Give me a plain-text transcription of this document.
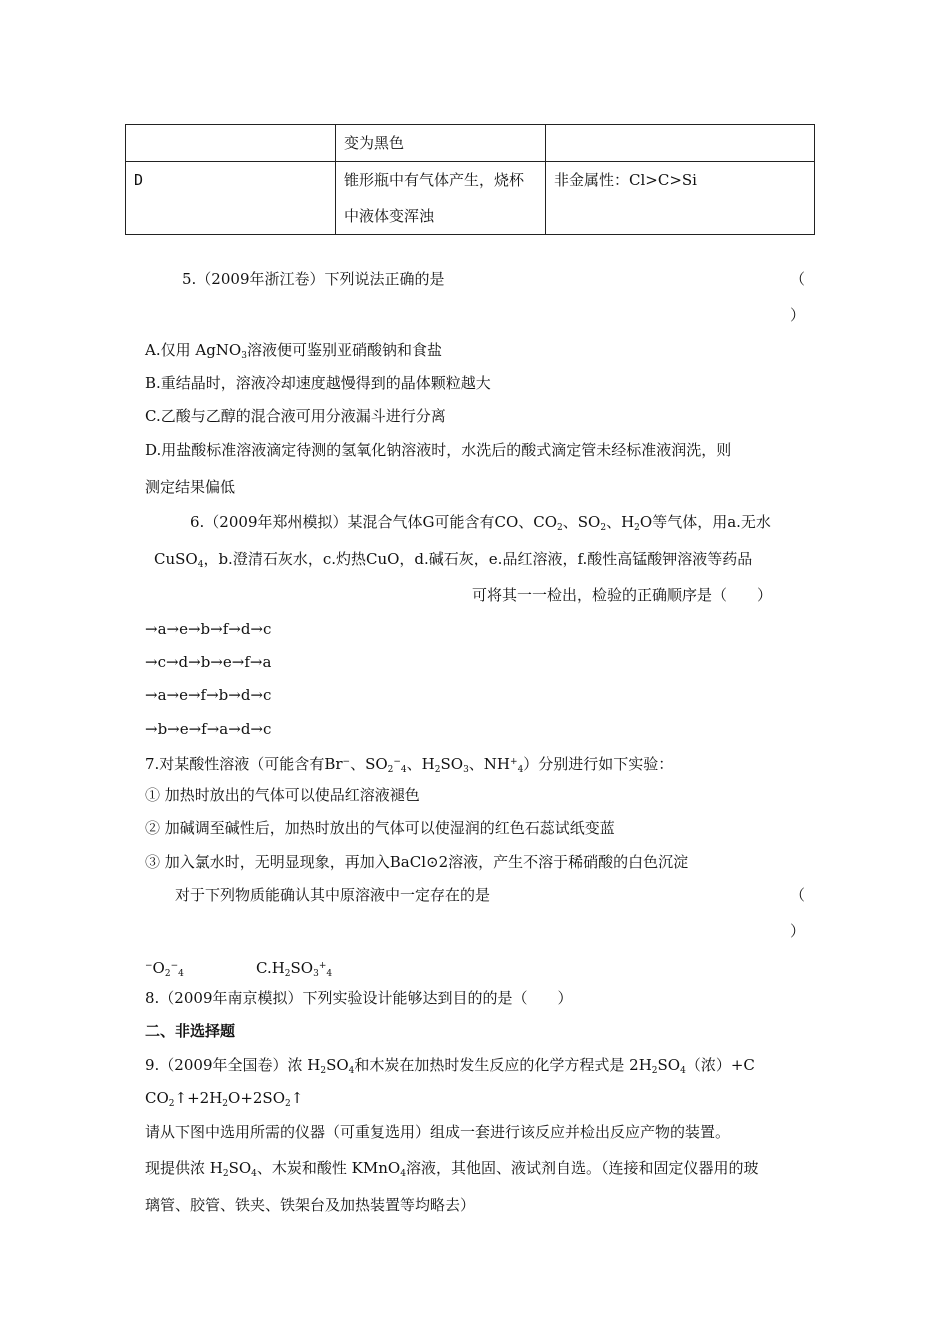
	变为黑色	
D	锥形瓶中有气体产生，烧杯中液体变浑浊	非金属性：Cl>C>Si
5.（2009年浙江卷）下列说法正确的是	（
）
A.仅用 AgNO$_3$溶液便可鉴别亚硝酸钠和食盐
B.重结晶时，溶液冷却速度越慢得到的晶体颗粒越大
C.乙酸与乙醇的混合液可用分液漏斗进行分离
D.用盐酸标准溶液滴定待测的氢氧化钠溶液时，水洗后的酸式滴定管未经标准液润洗，则
测定结果偏低
6.（2009年郑州模拟）某混合气体G可能含有CO、$CO_2$、$SO_2$、$H_2O$等气体，用a.无水
CuSO$_4$，b.澄清石灰水，c.灼热CuO，d.碱石灰，e.品红溶液，f.酸性高锰酸钾溶液等药品
可将其一一检出，检验的正确顺序是（　　）
→a→e→b→f→d→c
→c→d→b→e→f→a
→a→e→f→b→d→c
→b→e→f→a→d→c
7.对某酸性溶液（可能含有Br−、$SO_2^-_4$、$H_2SO_3$、$NH^+_4$）分别进行如下实验：
① 加热时放出的气体可以使品红溶液褪色
② 加碱调至碱性后，加热时放出的气体可以使湿润的红色石蕊试纸变蓝
③ 加入氯水时，无明显现象，再加入BaCl⊙2溶液，产生不溶于稀硝酸的白色沉淀
对于下列物质能确认其中原溶液中一定存在的是	（
）
$^-O_2^-_4$	$C.H_2SO_3^+_4$
8.（2009年南京模拟）下列实验设计能够达到目的的是（　　）
二、非选择题
9.（2009年全国卷）浓 $H_2SO_4$和木炭在加热时发生反应的化学方程式是 $2H_2SO_4$（浓）+C
$CO_2↑+2H_2O+2SO_2↑$
请从下图中选用所需的仪器（可重复选用）组成一套进行该反应并检出反应产物的装置。
现提供浓 $H_2SO_4$、木炭和酸性 KMnO$_4$溶液，其他固、液试剂自选。（连接和固定仪器用的玻
璃管、胶管、铁夹、铁架台及加热装置等均略去）
